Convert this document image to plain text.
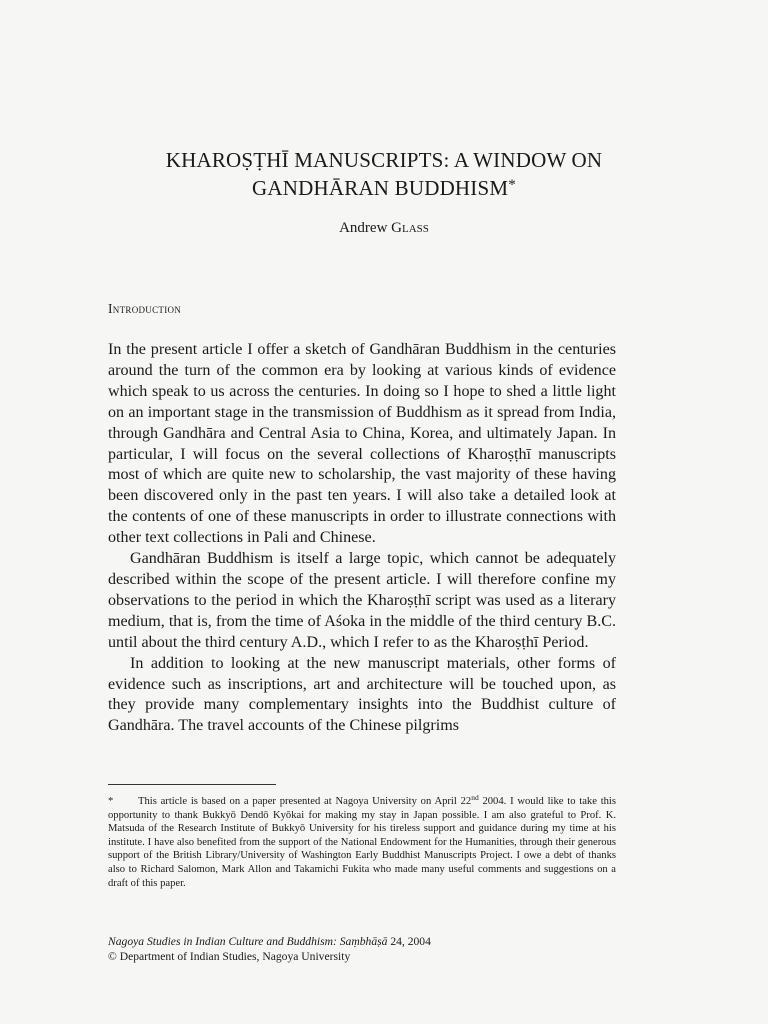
KHAROṢṬHĪ MANUSCRIPTS: A WINDOW ON
GANDHĀRAN BUDDHISM*
Andrew Glass
Introduction

In the present article I offer a sketch of Gandhāran Buddhism in the centuries around the turn of the common era by looking at various kinds of evidence which speak to us across the centuries. In doing so I hope to shed a little light on an important stage in the transmission of Buddhism as it spread from India, through Gandhāra and Central Asia to China, Korea, and ultimately Japan. In particular, I will focus on the several collections of Kharoṣṭhī manuscripts most of which are quite new to scholarship, the vast majority of these having been discovered only in the past ten years. I will also take a detailed look at the contents of one of these manuscripts in order to illustrate connections with other text collections in Pali and Chinese.

Gandhāran Buddhism is itself a large topic, which cannot be adequately described within the scope of the present article. I will therefore confine my observations to the period in which the Kharoṣṭhī script was used as a literary medium, that is, from the time of Aśoka in the middle of the third century B.C. until about the third century A.D., which I refer to as the Kharoṣṭhī Period.

In addition to looking at the new manuscript materials, other forms of evidence such as inscriptions, art and architecture will be touched upon, as they provide many complementary insights into the Buddhist culture of Gandhāra. The travel accounts of the Chinese pilgrims

* This article is based on a paper presented at Nagoya University on April 22nd 2004. I would like to take this opportunity to thank Bukkyō Dendō Kyōkai for making my stay in Japan possible. I am also grateful to Prof. K. Matsuda of the Research Institute of Bukkyō University for his tireless support and guidance during my time at his institute. I have also benefited from the support of the National Endowment for the Humanities, through their generous support of the British Library/University of Washington Early Buddhist Manuscripts Project. I owe a debt of thanks also to Richard Salomon, Mark Allon and Takamichi Fukita who made many useful comments and suggestions on a draft of this paper.
Nagoya Studies in Indian Culture and Buddhism: Saṃbhāṣā 24, 2004
© Department of Indian Studies, Nagoya University
